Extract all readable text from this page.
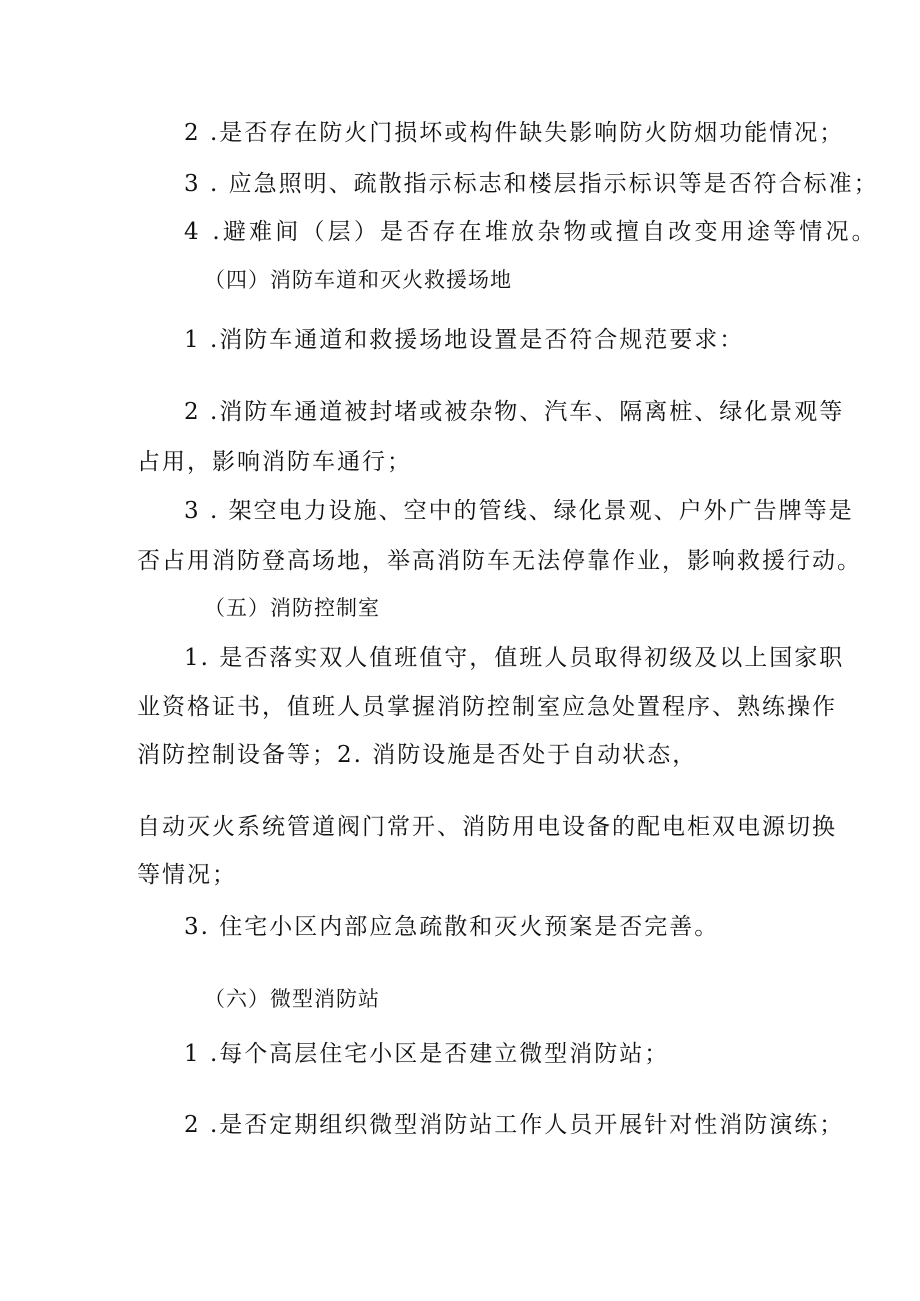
2 .是否存在防火门损坏或构件缺失影响防火防烟功能情况；
3 . 应急照明、疏散指示标志和楼层指示标识等是否符合标准；
4 .避难间（层）是否存在堆放杂物或擅自改变用途等情况。
（四）消防车道和灭火救援场地
1 .消防车通道和救援场地设置是否符合规范要求：
2 .消防车通道被封堵或被杂物、汽车、隔离桩、绿化景观等
占用，影响消防车通行；
3 . 架空电力设施、空中的管线、绿化景观、户外广告牌等是
否占用消防登高场地，举高消防车无法停靠作业，影响救援行动。
（五）消防控制室
1. 是否落实双人值班值守，值班人员取得初级及以上国家职
业资格证书，值班人员掌握消防控制室应急处置程序、熟练操作
消防控制设备等；2. 消防设施是否处于自动状态，
自动灭火系统管道阀门常开、消防用电设备的配电柜双电源切换
等情况；
3. 住宅小区内部应急疏散和灭火预案是否完善。
（六）微型消防站
1 .每个高层住宅小区是否建立微型消防站；
2 .是否定期组织微型消防站工作人员开展针对性消防演练；
